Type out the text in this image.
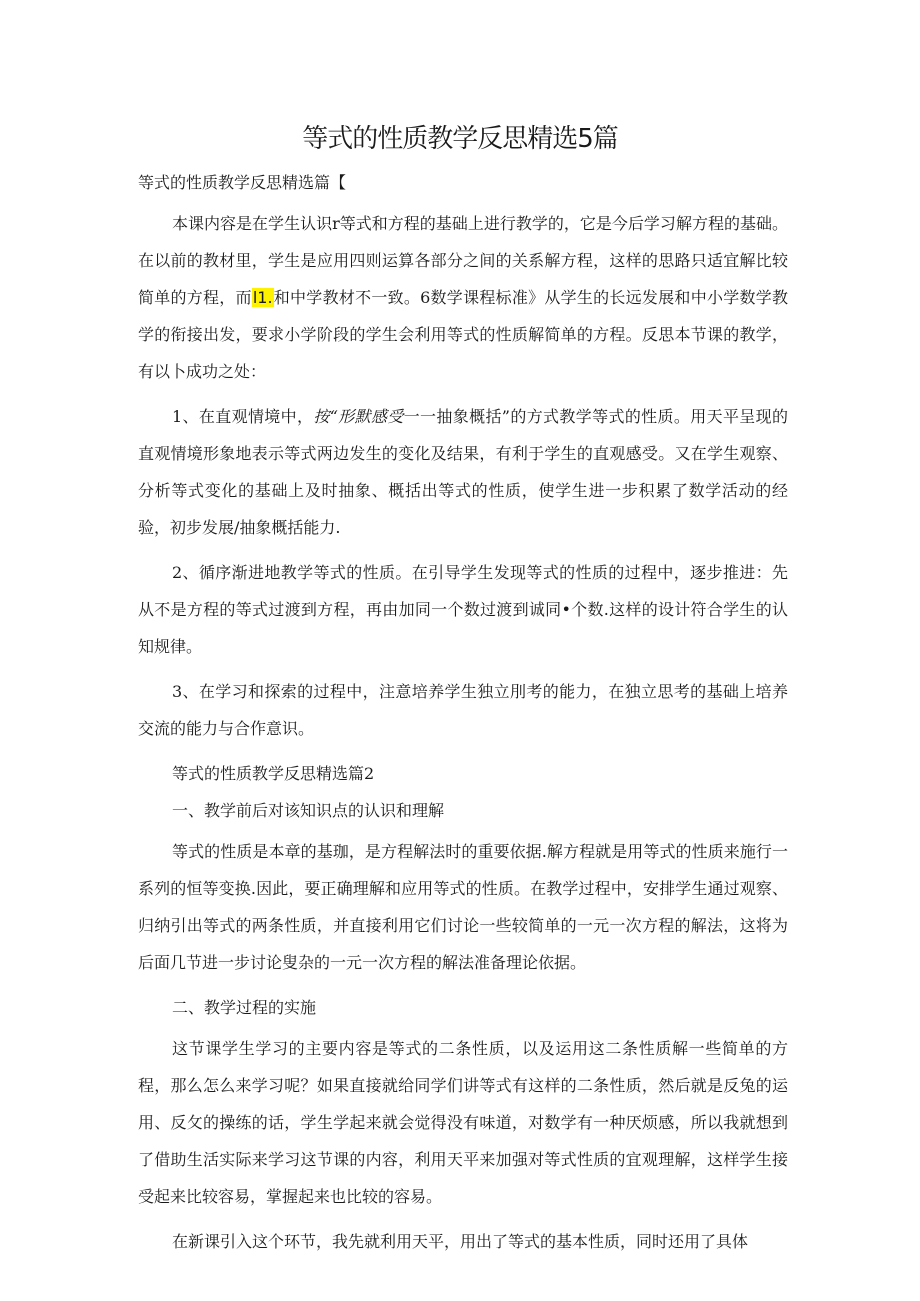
等式的性质教学反思精选5篇

等式的性质教学反思精选篇【

本课内容是在学生认识r等式和方程的基础上进行教学的，它是今后学习解方程的基础。在以前的教材里，学生是应用四则运算各部分之间的关系解方程，这样的思路只适宜解比较简单的方程，而l1.和中学教材不一致。6数学课程标准》从学生的长远发展和中小学数学教学的衔接出发，要求小学阶段的学生会利用等式的性质解简单的方程。反思本节课的教学，有以卜成功之处：

1、在直观情境中，按“形默感受一一抽象概括”的方式教学等式的性质。用天平呈现的直观情境形象地表示等式两边发生的变化及结果，有利于学生的直观感受。又在学生观察、分析等式变化的基础上及时抽象、概括出等式的性质，使学生进一步积累了数学活动的经验，初步发展/抽象概括能力.

2、循序渐进地教学等式的性质。在引导学生发现等式的性质的过程中，逐步推进：先从不是方程的等式过渡到方程，再由加同一个数过渡到诚同•个数.这样的设计符合学生的认知规律。

3、在学习和探索的过程中，注意培养学生独立刖考的能力，在独立思考的基础上培养交流的能力与合作意识。

等式的性质教学反思精选篇2

一、教学前后对该知识点的认识和理解

等式的性质是本章的基珈，是方程解法时的重要依据.解方程就是用等式的性质来施行一系列的恒等变换.因此，要正确理解和应用等式的性质。在教学过程中，安排学生通过观察、归纳引出等式的两条性质，并直接利用它们讨论一些较简单的一元一次方程的解法，这将为后面几节进一步讨论叟杂的一元一次方程的解法准备理论依据。

二、教学过程的实施

这节课学生学习的主要内容是等式的二条性质，以及运用这二条性质解一些简单的方程，那么怎么来学习呢？如果直接就给同学们讲等式有这样的二条性质，然后就是反兔的运用、反攵的操练的话，学生学起来就会觉得没有味道，对数学有一种厌烦感，所以我就想到了借助生活实际来学习这节课的内容，利用天平来加强对等式性质的宜观理解，这样学生接受起来比较容易，掌握起来也比较的容易。

在新课引入这个环节，我先就利用天平，用出了等式的基本性质，同时还用了具体
